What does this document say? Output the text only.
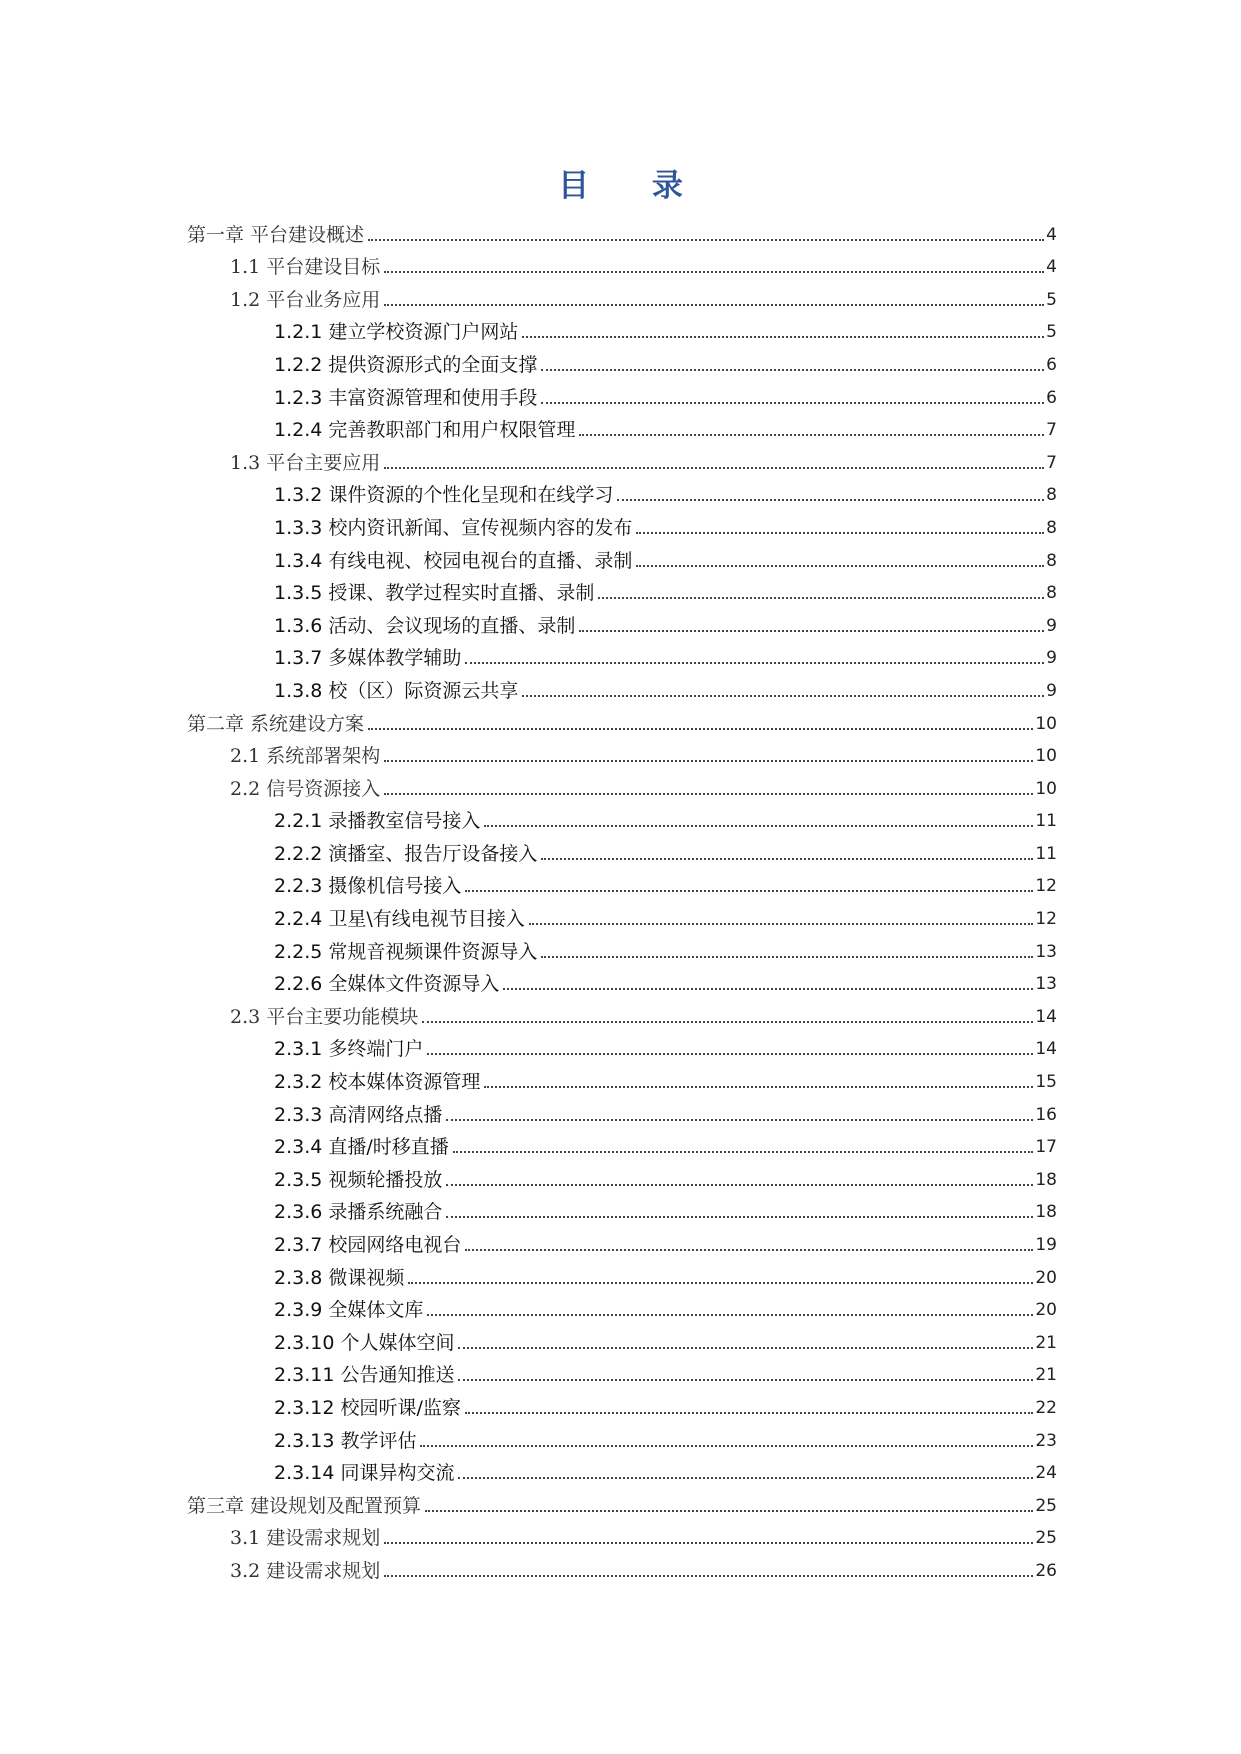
目 录
第一章 平台建设概述	4
1.1 平台建设目标	4
1.2 平台业务应用	5
1.2.1 建立学校资源门户网站	5
1.2.2 提供资源形式的全面支撑	6
1.2.3 丰富资源管理和使用手段	6
1.2.4 完善教职部门和用户权限管理	7
1.3 平台主要应用	7
1.3.2 课件资源的个性化呈现和在线学习	8
1.3.3 校内资讯新闻、宣传视频内容的发布	8
1.3.4 有线电视、校园电视台的直播、录制	8
1.3.5 授课、教学过程实时直播、录制	8
1.3.6 活动、会议现场的直播、录制	9
1.3.7 多媒体教学辅助	9
1.3.8 校（区）际资源云共享	9
第二章 系统建设方案	10
2.1 系统部署架构	10
2.2 信号资源接入	10
2.2.1 录播教室信号接入	11
2.2.2 演播室、报告厅设备接入	11
2.2.3 摄像机信号接入	12
2.2.4 卫星\有线电视节目接入	12
2.2.5 常规音视频课件资源导入	13
2.2.6 全媒体文件资源导入	13
2.3 平台主要功能模块	14
2.3.1 多终端门户	14
2.3.2 校本媒体资源管理	15
2.3.3 高清网络点播	16
2.3.4 直播/时移直播	17
2.3.5 视频轮播投放	18
2.3.6 录播系统融合	18
2.3.7 校园网络电视台	19
2.3.8 微课视频	20
2.3.9 全媒体文库	20
2.3.10 个人媒体空间	21
2.3.11 公告通知推送	21
2.3.12 校园听课/监察	22
2.3.13 教学评估	23
2.3.14 同课异构交流	24
第三章 建设规划及配置预算	25
3.1 建设需求规划	25
3.2 建设需求规划	26
